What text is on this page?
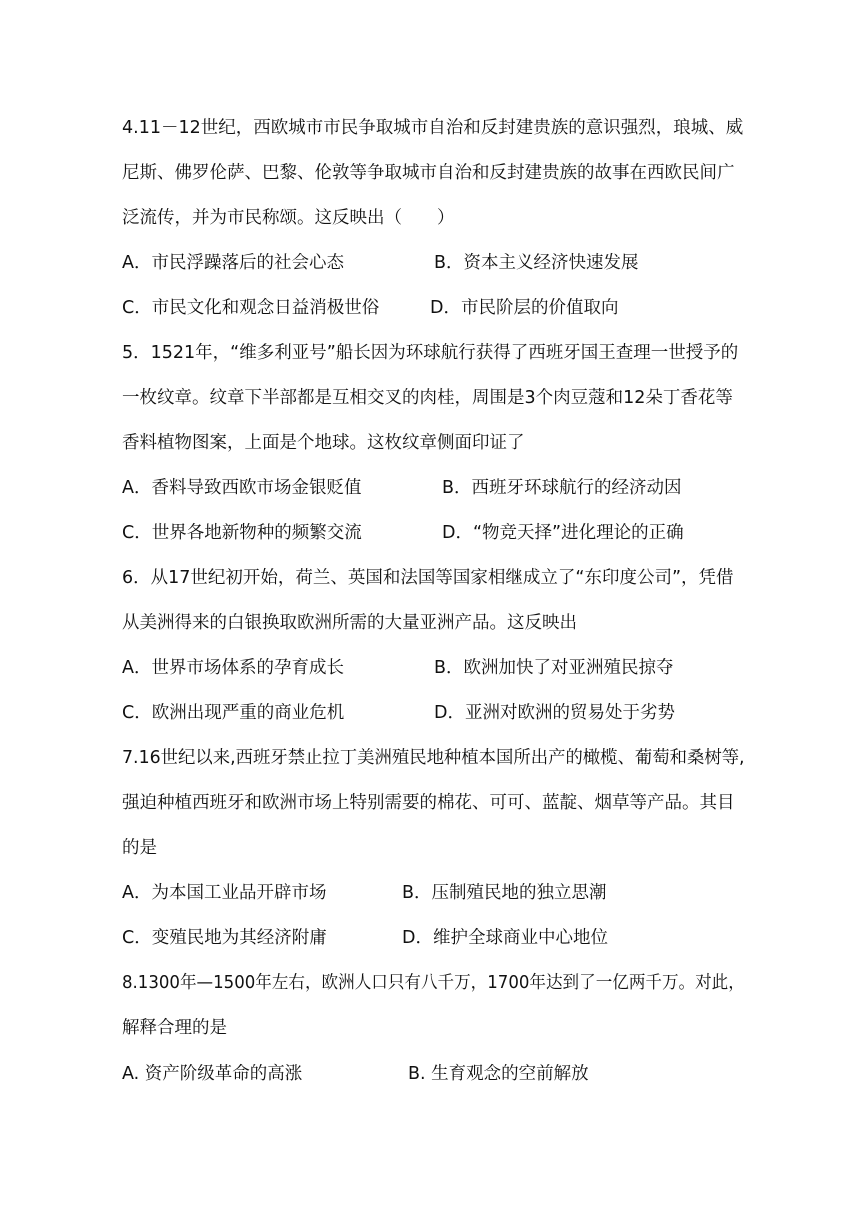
4.11－12世纪，西欧城市市民争取城市自治和反封建贵族的意识强烈，琅城、威
尼斯、佛罗伦萨、巴黎、伦敦等争取城市自治和反封建贵族的故事在西欧民间广
泛流传，并为市民称颂。这反映出（　　）
A．市民浮躁落后的社会心态	B．资本主义经济快速发展
C．市民文化和观念日益消极世俗	D．市民阶层的价值取向
5．1521年，“维多利亚号”船长因为环球航行获得了西班牙国王查理一世授予的
一枚纹章。纹章下半部都是互相交叉的肉桂，周围是3个肉豆蔻和12朵丁香花等
香料植物图案，上面是个地球。这枚纹章侧面印证了
A．香料导致西欧市场金银贬值	B．西班牙环球航行的经济动因
C．世界各地新物种的频繁交流	D．“物竞天择”进化理论的正确
6．从17世纪初开始，荷兰、英国和法国等国家相继成立了“东印度公司”，凭借
从美洲得来的白银换取欧洲所需的大量亚洲产品。这反映出
A．世界市场体系的孕育成长	B．欧洲加快了对亚洲殖民掠夺
C．欧洲出现严重的商业危机	D．亚洲对欧洲的贸易处于劣势
7.16世纪以来,西班牙禁止拉丁美洲殖民地种植本国所出产的橄榄、葡萄和桑树等,
强迫种植西班牙和欧洲市场上特别需要的棉花、可可、蓝靛、烟草等产品。其目
的是
A．为本国工业品开辟市场	B．压制殖民地的独立思潮
C．变殖民地为其经济附庸	D．维护全球商业中心地位
8.1300年—1500年左右，欧洲人口只有八千万，1700年达到了一亿两千万。对此，
解释合理的是
A. 资产阶级革命的高涨	B. 生育观念的空前解放
